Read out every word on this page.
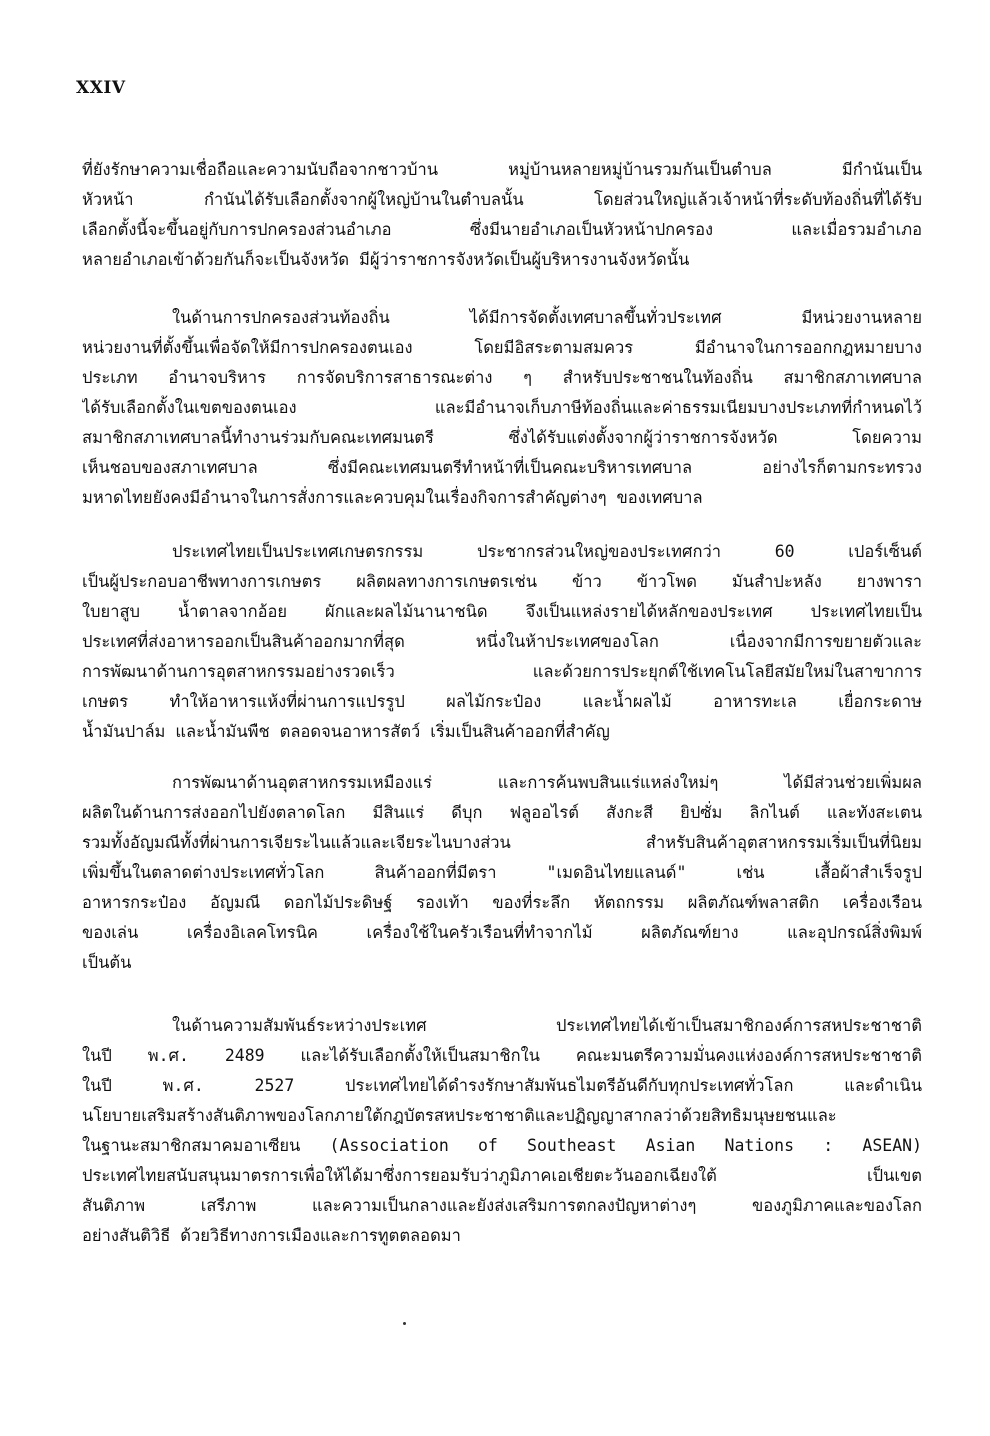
XXIV
ที่ยังรักษาความเชื่อถือและความนับถือจากชาวบ้าน หมู่บ้านหลายหมู่บ้านรวมกันเป็นตำบล มีกำนันเป็น
หัวหน้า กำนันได้รับเลือกตั้งจากผู้ใหญ่บ้านในตำบลนั้น โดยส่วนใหญ่แล้วเจ้าหน้าที่ระดับท้องถิ่นที่ได้รับ
เลือกตั้งนี้จะขึ้นอยู่กับการปกครองส่วนอำเภอ ซึ่งมีนายอำเภอเป็นหัวหน้าปกครอง และเมื่อรวมอำเภอ
หลายอำเภอเข้าด้วยกันก็จะเป็นจังหวัด มีผู้ว่าราชการจังหวัดเป็นผู้บริหารงานจังหวัดนั้น
ในด้านการปกครองส่วนท้องถิ่น ได้มีการจัดตั้งเทศบาลขึ้นทั่วประเทศ มีหน่วยงานหลาย
หน่วยงานที่ตั้งขึ้นเพื่อจัดให้มีการปกครองตนเอง โดยมีอิสระตามสมควร มีอำนาจในการออกกฎหมายบาง
ประเภท อำนาจบริหาร การจัดบริการสาธารณะต่าง ๆ สำหรับประชาชนในท้องถิ่น สมาชิกสภาเทศบาล
ได้รับเลือกตั้งในเขตของตนเอง และมีอำนาจเก็บภาษีท้องถิ่นและค่าธรรมเนียมบางประเภทที่กำหนดไว้
สมาชิกสภาเทศบาลนี้ทำงานร่วมกับคณะเทศมนตรี ซึ่งได้รับแต่งตั้งจากผู้ว่าราชการจังหวัด โดยความ
เห็นชอบของสภาเทศบาล ซึ่งมีคณะเทศมนตรีทำหน้าที่เป็นคณะบริหารเทศบาล อย่างไรก็ตามกระทรวง
มหาดไทยยังคงมีอำนาจในการสั่งการและควบคุมในเรื่องกิจการสำคัญต่างๆ ของเทศบาล
ประเทศไทยเป็นประเทศเกษตรกรรม ประชากรส่วนใหญ่ของประเทศกว่า 60 เปอร์เซ็นต์
เป็นผู้ประกอบอาชีพทางการเกษตร ผลิตผลทางการเกษตรเช่น ข้าว ข้าวโพด มันสำปะหลัง ยางพารา
ใบยาสูบ น้ำตาลจากอ้อย ผักและผลไม้นานาชนิด จึงเป็นแหล่งรายได้หลักของประเทศ ประเทศไทยเป็น
ประเทศที่ส่งอาหารออกเป็นสินค้าออกมากที่สุด หนึ่งในห้าประเทศของโลก เนื่องจากมีการขยายตัวและ
การพัฒนาด้านการอุตสาหกรรมอย่างรวดเร็ว และด้วยการประยุกต์ใช้เทคโนโลยีสมัยใหม่ในสาขาการ
เกษตร ทำให้อาหารแห้งที่ผ่านการแปรรูป ผลไม้กระป๋อง และน้ำผลไม้ อาหารทะเล เยื่อกระดาษ
น้ำมันปาล์ม และน้ำมันพืช ตลอดจนอาหารสัตว์ เริ่มเป็นสินค้าออกที่สำคัญ
การพัฒนาด้านอุตสาหกรรมเหมืองแร่ และการค้นพบสินแร่แหล่งใหม่ๆ ได้มีส่วนช่วยเพิ่มผล
ผลิตในด้านการส่งออกไปยังตลาดโลก มีสินแร่ ดีบุก ฟลูออไรต์ สังกะสี ยิปซั่ม ลิกไนต์ และทังสะเตน
รวมทั้งอัญมณีทั้งที่ผ่านการเจียระไนแล้วและเจียระไนบางส่วน สำหรับสินค้าอุตสาหกรรมเริ่มเป็นที่นิยม
เพิ่มขึ้นในตลาดต่างประเทศทั่วโลก สินค้าออกที่มีตรา "เมดอินไทยแลนด์" เช่น เสื้อผ้าสำเร็จรูป
อาหารกระป๋อง อัญมณี ดอกไม้ประดิษฐ์ รองเท้า ของที่ระลึก หัตถกรรม ผลิตภัณฑ์พลาสติก เครื่องเรือน
ของเล่น เครื่องอิเลคโทรนิค เครื่องใช้ในครัวเรือนที่ทำจากไม้ ผลิตภัณฑ์ยาง และอุปกรณ์สิ่งพิมพ์
เป็นต้น
ในด้านความสัมพันธ์ระหว่างประเทศ ประเทศไทยได้เข้าเป็นสมาชิกองค์การสหประชาชาติ
ในปี พ.ศ. 2489 และได้รับเลือกตั้งให้เป็นสมาชิกใน คณะมนตรีความมั่นคงแห่งองค์การสหประชาชาติ
ในปี พ.ศ. 2527 ประเทศไทยได้ดำรงรักษาสัมพันธไมตรีอันดีกับทุกประเทศทั่วโลก และดำเนิน
นโยบายเสริมสร้างสันติภาพของโลกภายใต้กฎบัตรสหประชาชาติและปฏิญญาสากลว่าด้วยสิทธิมนุษยชนและ
ในฐานะสมาชิกสมาคมอาเซียน (Association of Southeast Asian Nations : ASEAN)
ประเทศไทยสนับสนุนมาตรการเพื่อให้ได้มาซึ่งการยอมรับว่าภูมิภาคเอเชียตะวันออกเฉียงใต้ เป็นเขต
สันติภาพ เสรีภาพ และความเป็นกลางและยังส่งเสริมการตกลงปัญหาต่างๆ ของภูมิภาคและของโลก
อย่างสันติวิธี ด้วยวิธีทางการเมืองและการทูตตลอดมา
